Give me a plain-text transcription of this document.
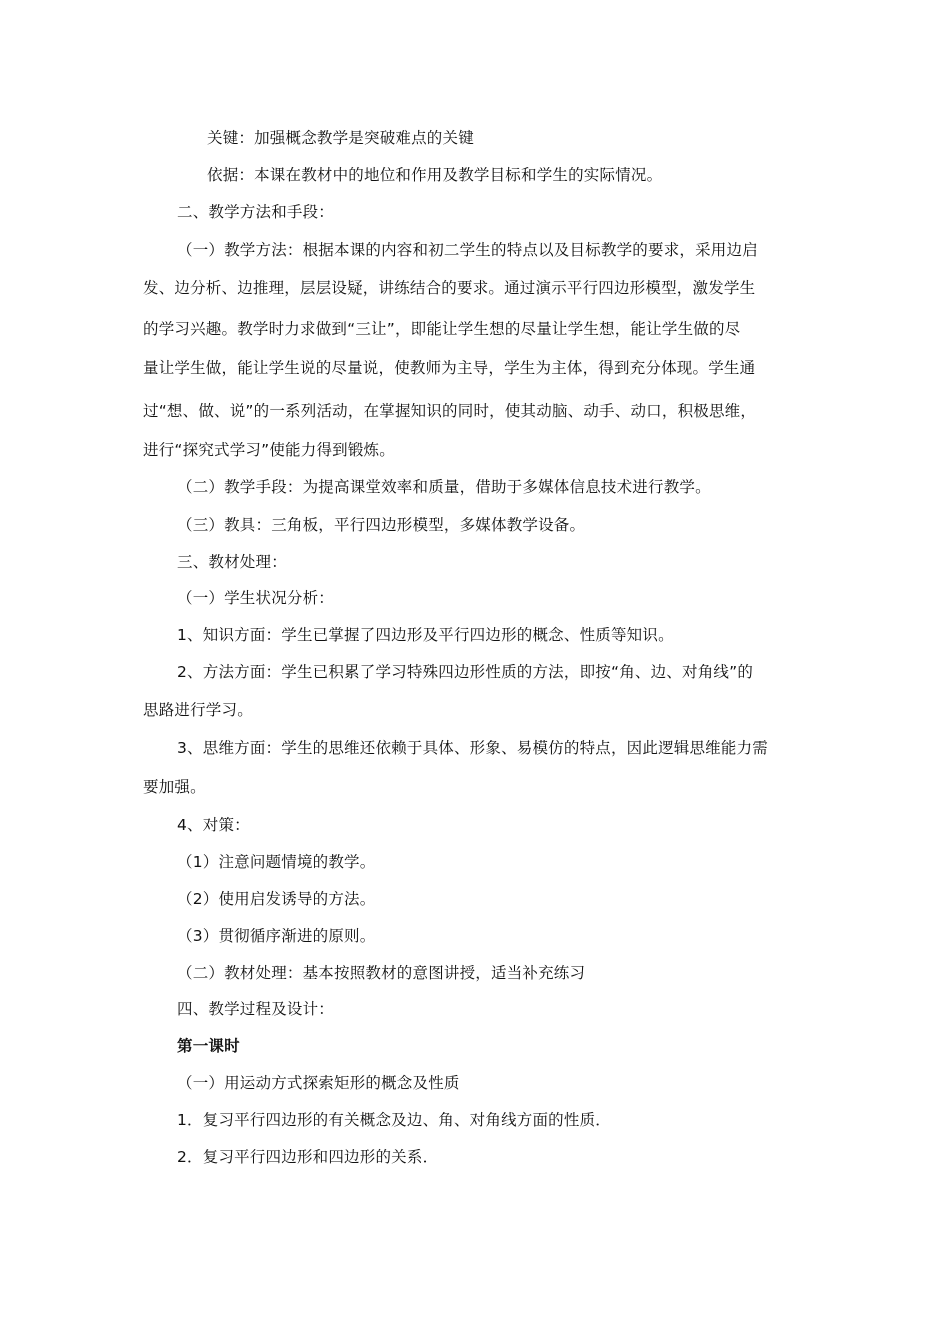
关键：加强概念教学是突破难点的关键
依据：本课在教材中的地位和作用及教学目标和学生的实际情况。
二、教学方法和手段：
（一）教学方法：根据本课的内容和初二学生的特点以及目标教学的要求，采用边启
发、边分析、边推理，层层设疑，讲练结合的要求。通过演示平行四边形模型，激发学生
的学习兴趣。教学时力求做到“三让”，即能让学生想的尽量让学生想，能让学生做的尽
量让学生做，能让学生说的尽量说，使教师为主导，学生为主体，得到充分体现。学生通
过“想、做、说”的一系列活动，在掌握知识的同时，使其动脑、动手、动口，积极思维，
进行“探究式学习”使能力得到锻炼。
（二）教学手段：为提高课堂效率和质量，借助于多媒体信息技术进行教学。
（三）教具：三角板，平行四边形模型，多媒体教学设备。
三、教材处理：
（一）学生状况分析：
1、知识方面：学生已掌握了四边形及平行四边形的概念、性质等知识。
2、方法方面：学生已积累了学习特殊四边形性质的方法，即按“角、边、对角线”的
思路进行学习。
3、思维方面：学生的思维还依赖于具体、形象、易模仿的特点，因此逻辑思维能力需
要加强。
4、对策：
（1）注意问题情境的教学。
（2）使用启发诱导的方法。
（3）贯彻循序渐进的原则。
（二）教材处理：基本按照教材的意图讲授，适当补充练习
四、教学过程及设计：
第一课时
（一）用运动方式探索矩形的概念及性质
1．复习平行四边形的有关概念及边、角、对角线方面的性质．
2．复习平行四边形和四边形的关系．
